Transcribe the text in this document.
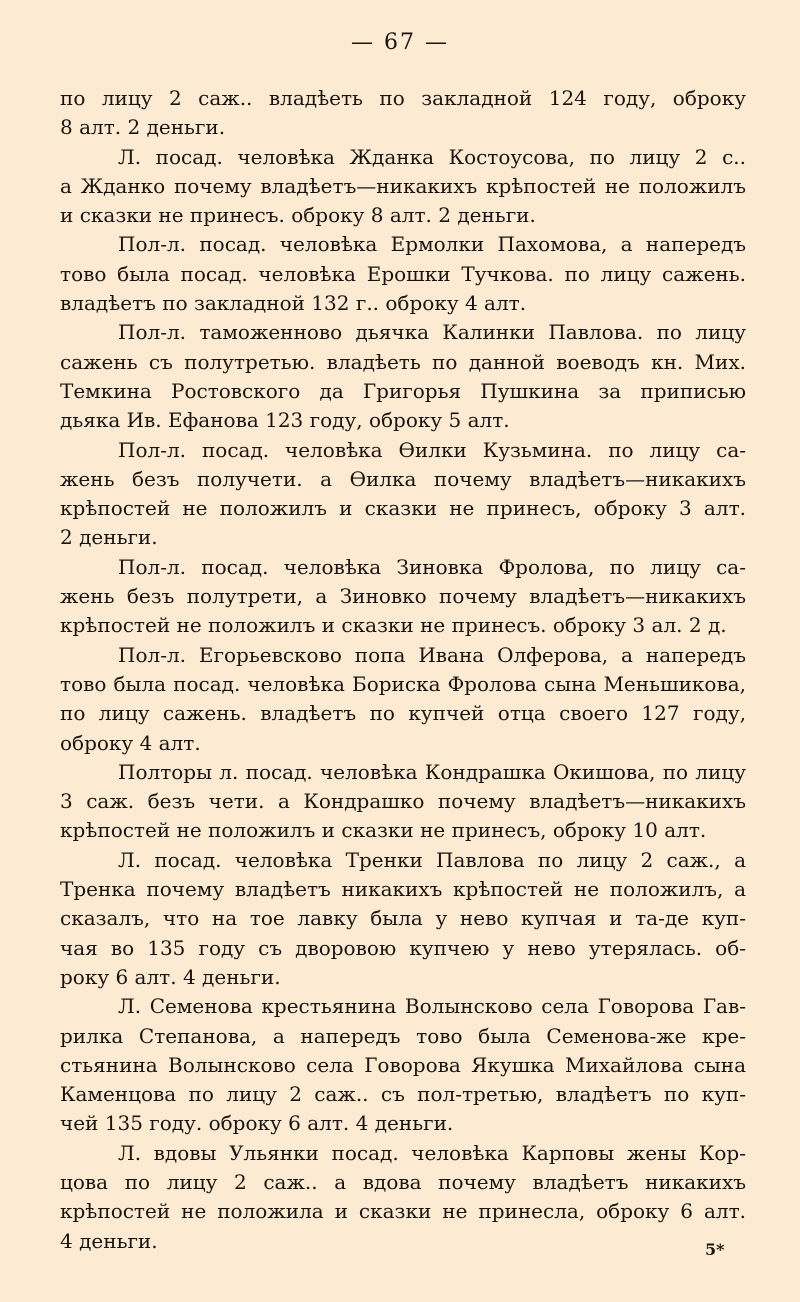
— 67 —
по лицу 2 саж.. владѣеть по закладной 124 году, оброку
8 алт. 2 деньги.
Л. посад. человѣка Жданка Костоусова, по лицу 2 с..
а Жданко почему владѣетъ—никакихъ крѣпостей не положилъ
и сказки не принесъ. оброку 8 алт. 2 деньги.
Пол-л. посад. человѣка Ермолки Пахомова, а напередъ
тово была посад. человѣка Ерошки Тучкова. по лицу сажень.
владѣетъ по закладной 132 г.. оброку 4 алт.
Пол-л. таможенново дьячка Калинки Павлова. по лицу
сажень съ полутретью. владѣеть по данной воеводъ кн. Мих.
Темкина Ростовского да Григорья Пушкина за приписью
дьяка Ив. Ефанова 123 году, оброку 5 алт.
Пол-л. посад. человѣка Өилки Кузьмина. по лицу са-
жень безъ получети. а Өилка почему владѣетъ—никакихъ
крѣпостей не положилъ и сказки не принесъ, оброку 3 алт.
2 деньги.
Пол-л. посад. человѣка Зиновка Фролова, по лицу са-
жень безъ полутрети, а Зиновко почему владѣетъ—никакихъ
крѣпостей не положилъ и сказки не принесъ. оброку 3 ал. 2 д.
Пол-л. Егорьевсково попа Ивана Олферова, а напередъ
тово была посад. человѣка Бориска Фролова сына Меньшикова,
по лицу сажень. владѣетъ по купчей отца своего 127 году,
оброку 4 алт.
Полторы л. посад. человѣка Кондрашка Окишова, по лицу
3 саж. безъ чети. а Кондрашко почему владѣетъ—никакихъ
крѣпостей не положилъ и сказки не принесъ, оброку 10 алт.
Л. посад. человѣка Тренки Павлова по лицу 2 саж., а
Тренка почему владѣетъ никакихъ крѣпостей не положилъ, а
сказалъ, что на тое лавку была у нево купчая и та-де куп-
чая во 135 году съ дворовою купчею у нево утерялась. об-
року 6 алт. 4 деньги.
Л. Семенова крестьянина Волынсково села Говорова Гав-
рилка Степанова, а напередъ тово была Семенова-же кре-
стьянина Волынсково села Говорова Якушка Михайлова сына
Каменцова по лицу 2 саж.. съ пол-третью, владѣетъ по куп-
чей 135 году. оброку 6 алт. 4 деньги.
Л. вдовы Ульянки посад. человѣка Карповы жены Кор-
цова по лицу 2 саж.. а вдова почему владѣетъ никакихъ
крѣпостей не положила и сказки не принесла, оброку 6 алт.
4 деньги.	5*
